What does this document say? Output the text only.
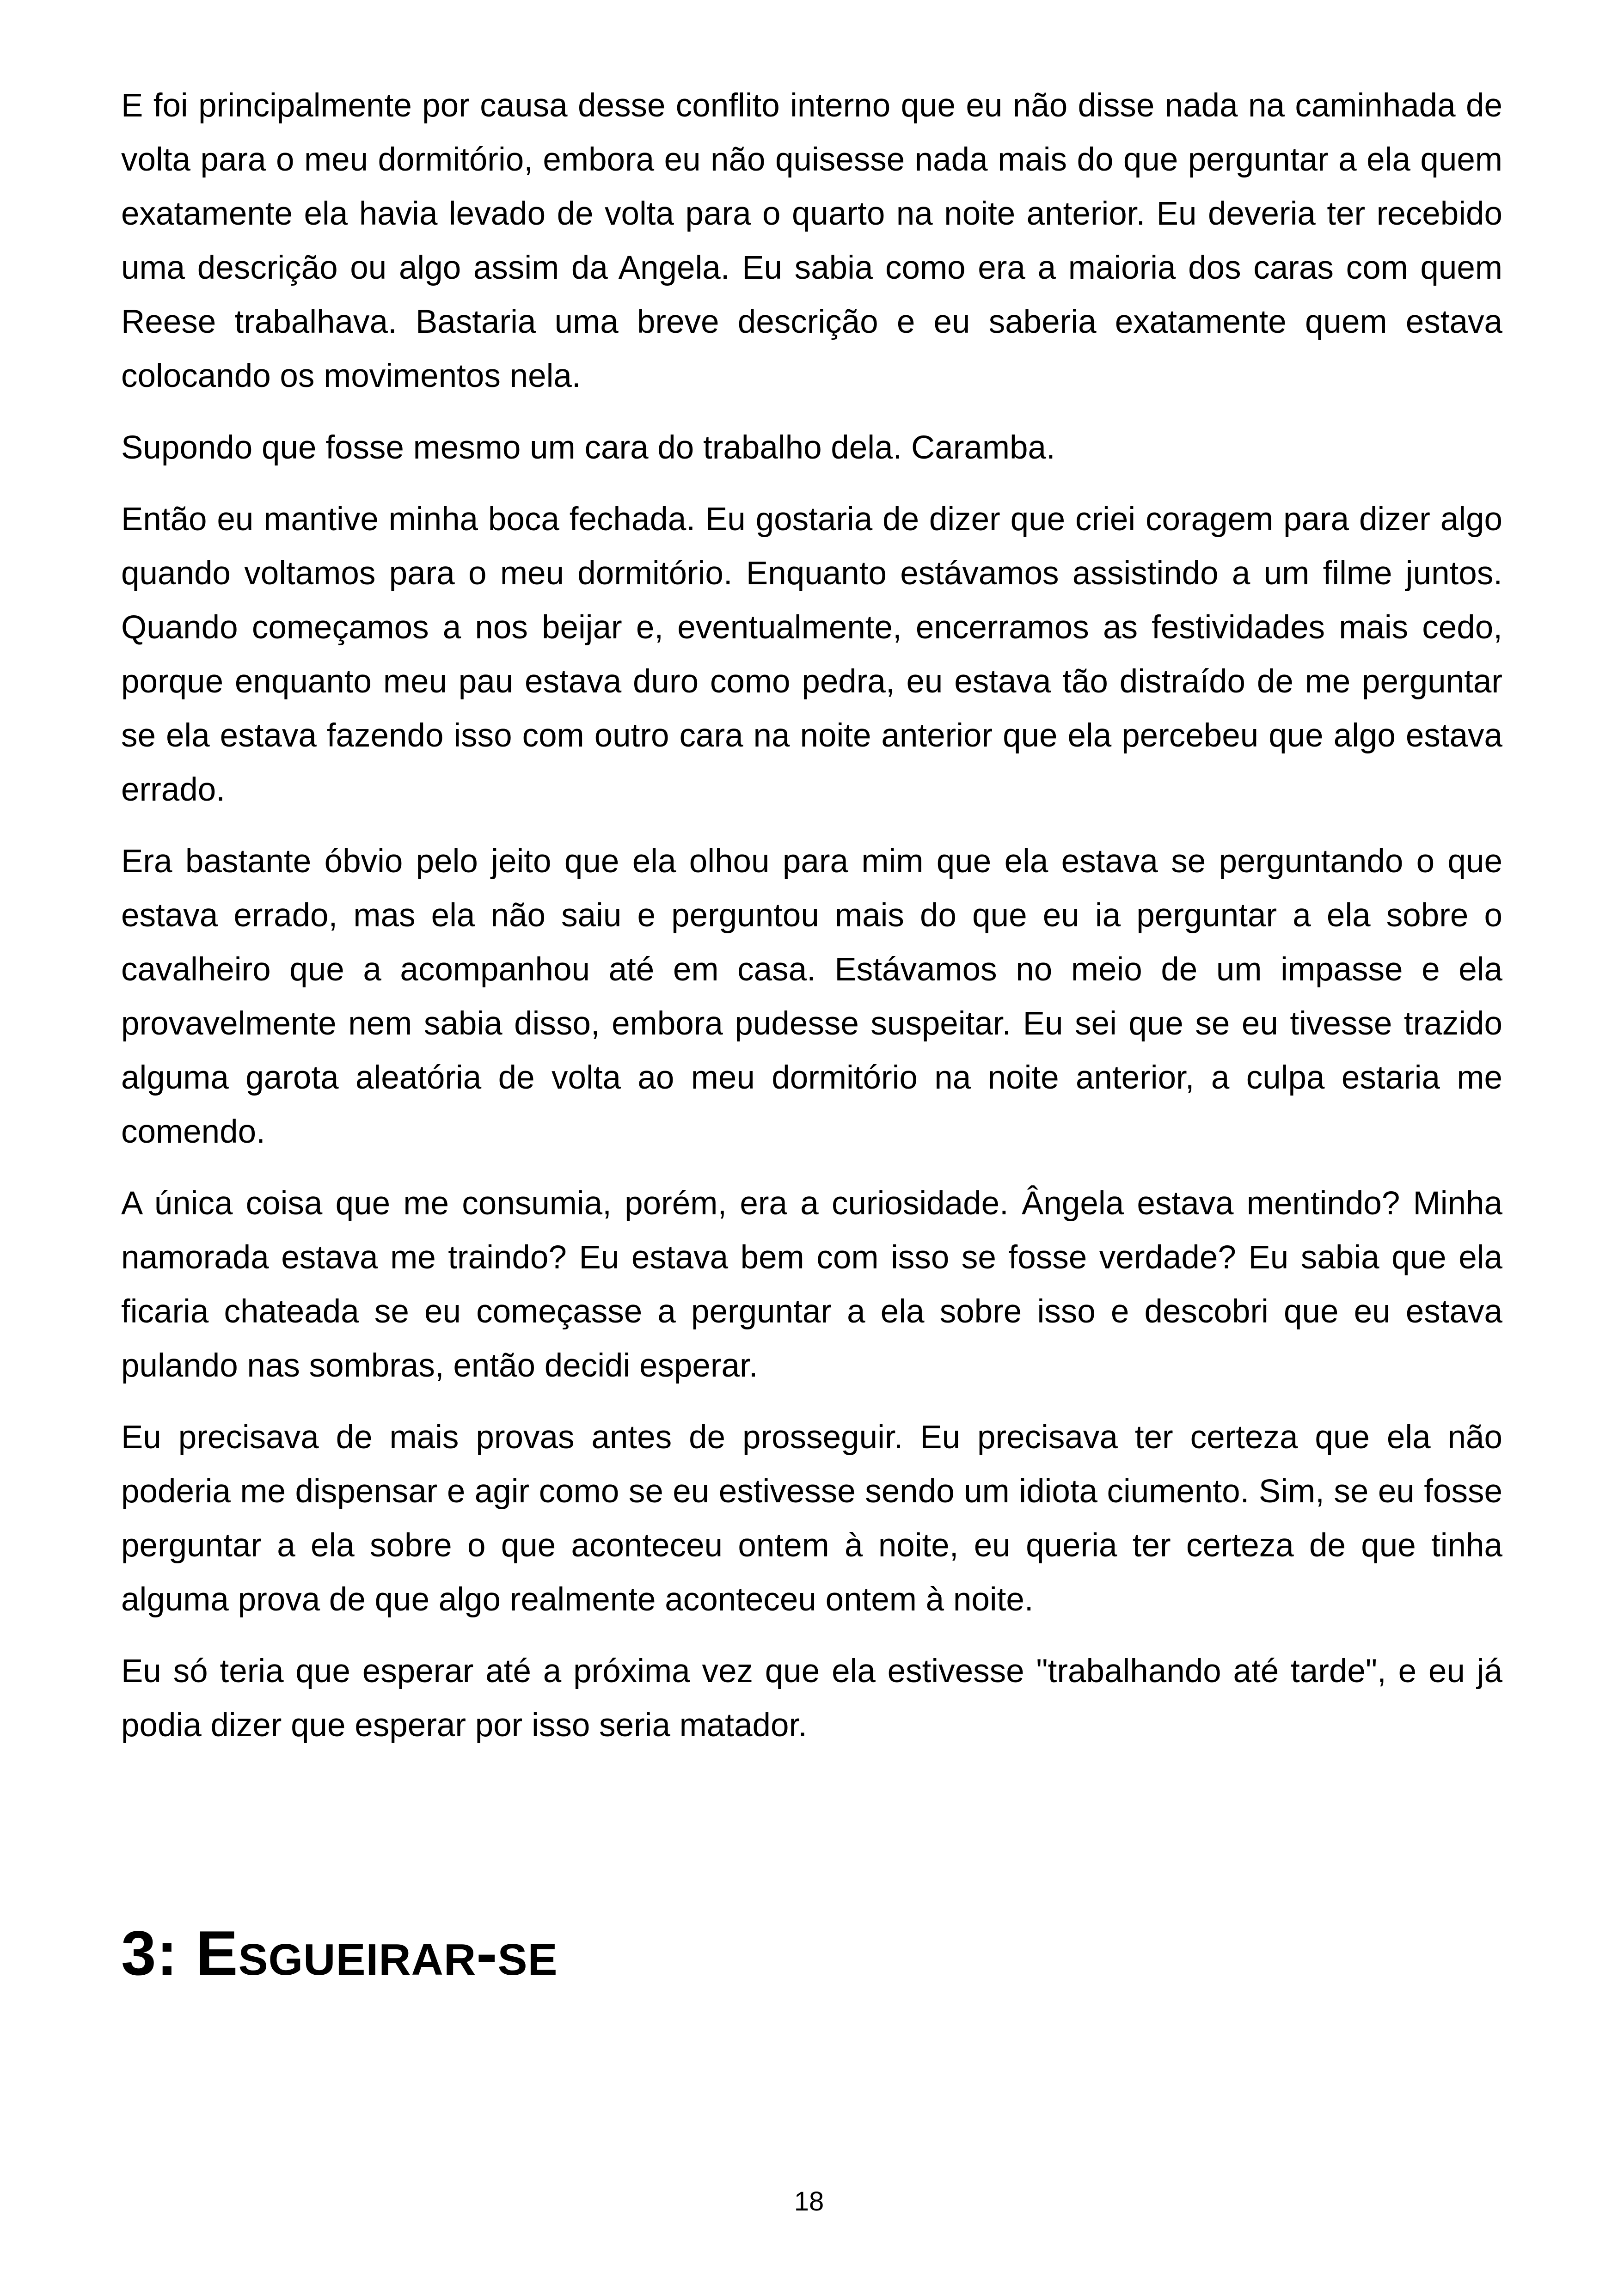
E foi principalmente por causa desse conflito interno que eu não disse nada na caminhada de volta para o meu dormitório, embora eu não quisesse nada mais do que perguntar a ela quem exatamente ela havia levado de volta para o quarto na noite anterior. Eu deveria ter recebido uma descrição ou algo assim da Angela. Eu sabia como era a maioria dos caras com quem Reese trabalhava. Bastaria uma breve descrição e eu saberia exatamente quem estava colocando os movimentos nela.

Supondo que fosse mesmo um cara do trabalho dela. Caramba.

Então eu mantive minha boca fechada. Eu gostaria de dizer que criei coragem para dizer algo quando voltamos para o meu dormitório. Enquanto estávamos assistindo a um filme juntos. Quando começamos a nos beijar e, eventualmente, encerramos as festividades mais cedo, porque enquanto meu pau estava duro como pedra, eu estava tão distraído de me perguntar se ela estava fazendo isso com outro cara na noite anterior que ela percebeu que algo estava errado.

Era bastante óbvio pelo jeito que ela olhou para mim que ela estava se perguntando o que estava errado, mas ela não saiu e perguntou mais do que eu ia perguntar a ela sobre o cavalheiro que a acompanhou até em casa. Estávamos no meio de um impasse e ela provavelmente nem sabia disso, embora pudesse suspeitar. Eu sei que se eu tivesse trazido alguma garota aleatória de volta ao meu dormitório na noite anterior, a culpa estaria me comendo.

A única coisa que me consumia, porém, era a curiosidade. Ângela estava mentindo? Minha namorada estava me traindo? Eu estava bem com isso se fosse verdade? Eu sabia que ela ficaria chateada se eu começasse a perguntar a ela sobre isso e descobri que eu estava pulando nas sombras, então decidi esperar.

Eu precisava de mais provas antes de prosseguir. Eu precisava ter certeza que ela não poderia me dispensar e agir como se eu estivesse sendo um idiota ciumento. Sim, se eu fosse perguntar a ela sobre o que aconteceu ontem à noite, eu queria ter certeza de que tinha alguma prova de que algo realmente aconteceu ontem à noite.

Eu só teria que esperar até a próxima vez que ela estivesse "trabalhando até tarde", e eu já podia dizer que esperar por isso seria matador.

3: ESGUEIRAR-SE
18
